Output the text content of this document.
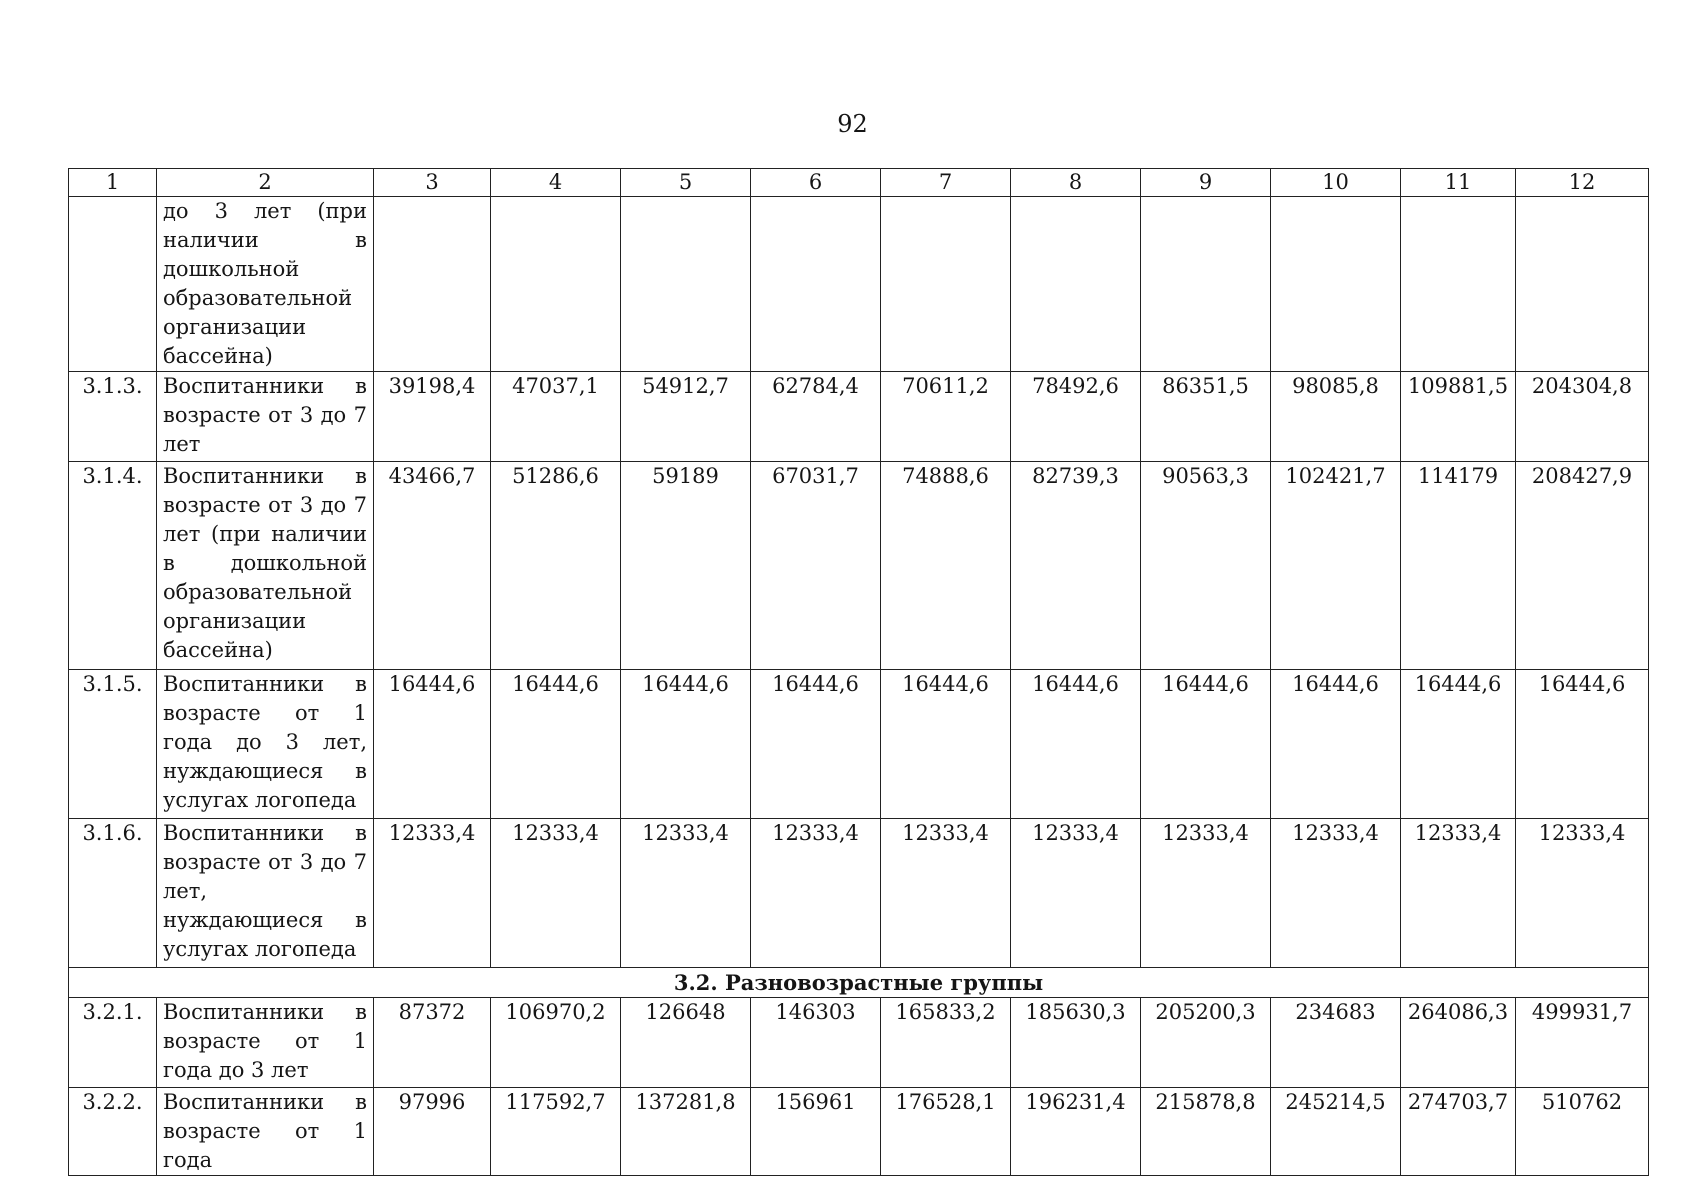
92
1	2	3	4	5	6	7	8	9	10	11	12
	до 3 лет (при наличии в дошкольной образовательной организации бассейна)										
3.1.3.	Воспитанники в возрасте от 3 до 7 лет	39198,4	47037,1	54912,7	62784,4	70611,2	78492,6	86351,5	98085,8	109881,5	204304,8
3.1.4.	Воспитанники в возрасте от 3 до 7 лет (при наличии в дошкольной образовательной организации бассейна)	43466,7	51286,6	59189	67031,7	74888,6	82739,3	90563,3	102421,7	114179	208427,9
3.1.5.	Воспитанники в возрасте от 1 года до 3 лет, нуждающиеся в услугах логопеда	16444,6	16444,6	16444,6	16444,6	16444,6	16444,6	16444,6	16444,6	16444,6	16444,6
3.1.6.	Воспитанники в возрасте от 3 до 7 лет, нуждающиеся в услугах логопеда	12333,4	12333,4	12333,4	12333,4	12333,4	12333,4	12333,4	12333,4	12333,4	12333,4
3.2. Разновозрастные группы											
3.2.1.	Воспитанники в возрасте от 1 года до 3 лет	87372	106970,2	126648	146303	165833,2	185630,3	205200,3	234683	264086,3	499931,7
3.2.2.	Воспитанники в возрасте от 1 года	97996	117592,7	137281,8	156961	176528,1	196231,4	215878,8	245214,5	274703,7	510762
